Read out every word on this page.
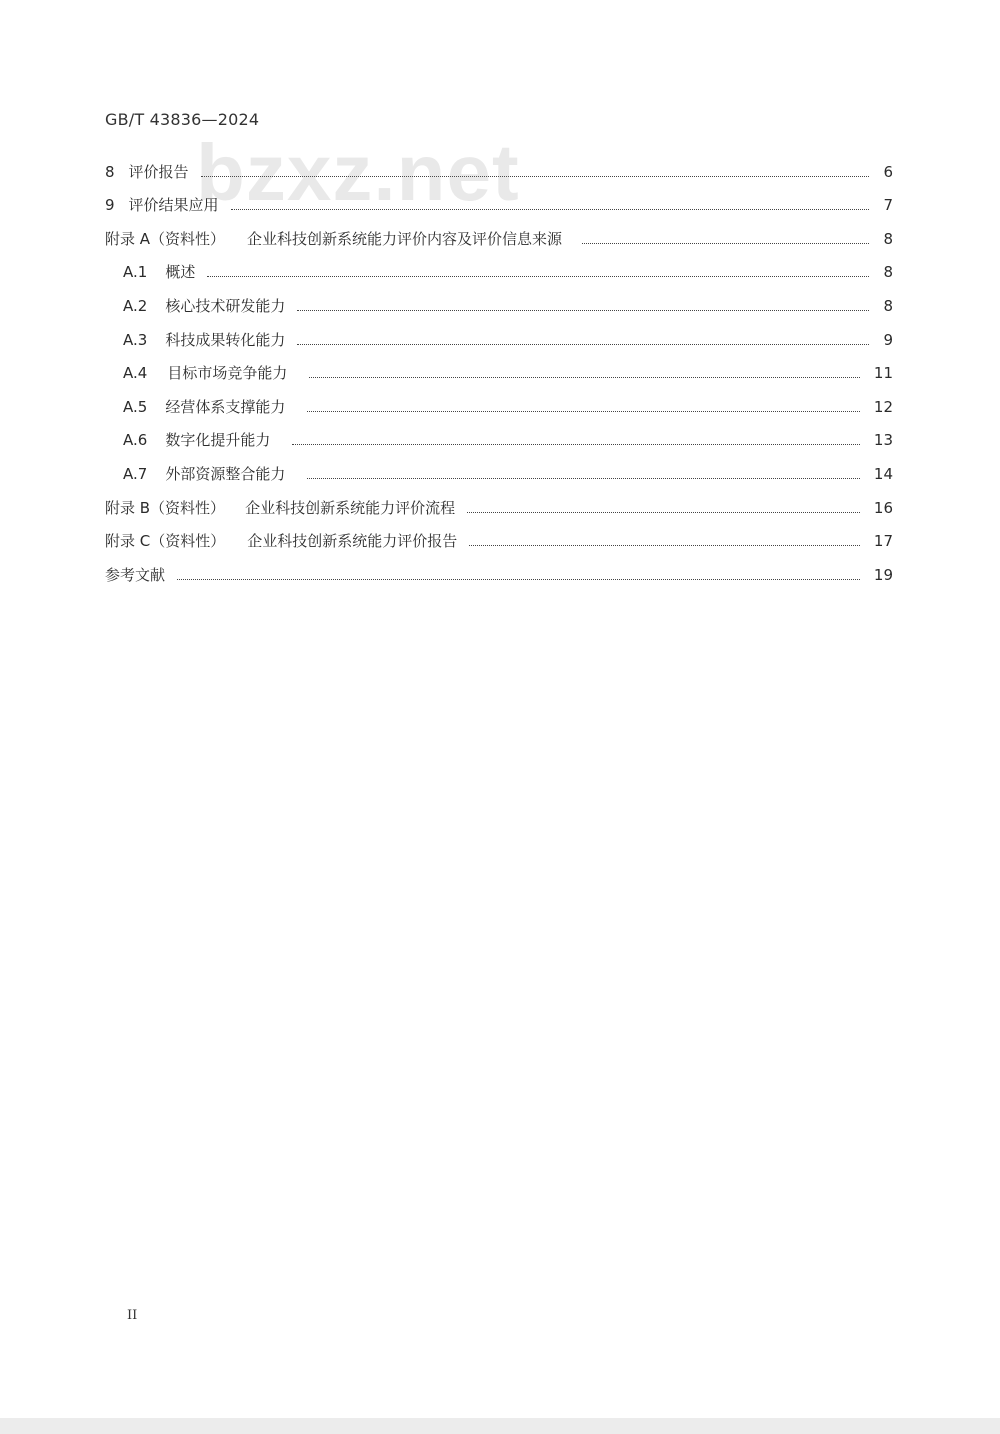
GB/T 43836—2024
bzxz.net
8 评价报告	6
9 评价结果应用	7
附录 A（资料性） 企业科技创新系统能力评价内容及评价信息来源	8
A.1 概述	8
A.2 核心技术研发能力	8
A.3 科技成果转化能力	9
A.4 目标市场竞争能力	11
A.5 经营体系支撑能力	12
A.6 数字化提升能力	13
A.7 外部资源整合能力	14
附录 B（资料性） 企业科技创新系统能力评价流程	16
附录 C（资料性） 企业科技创新系统能力评价报告	17
参考文献	19
II
